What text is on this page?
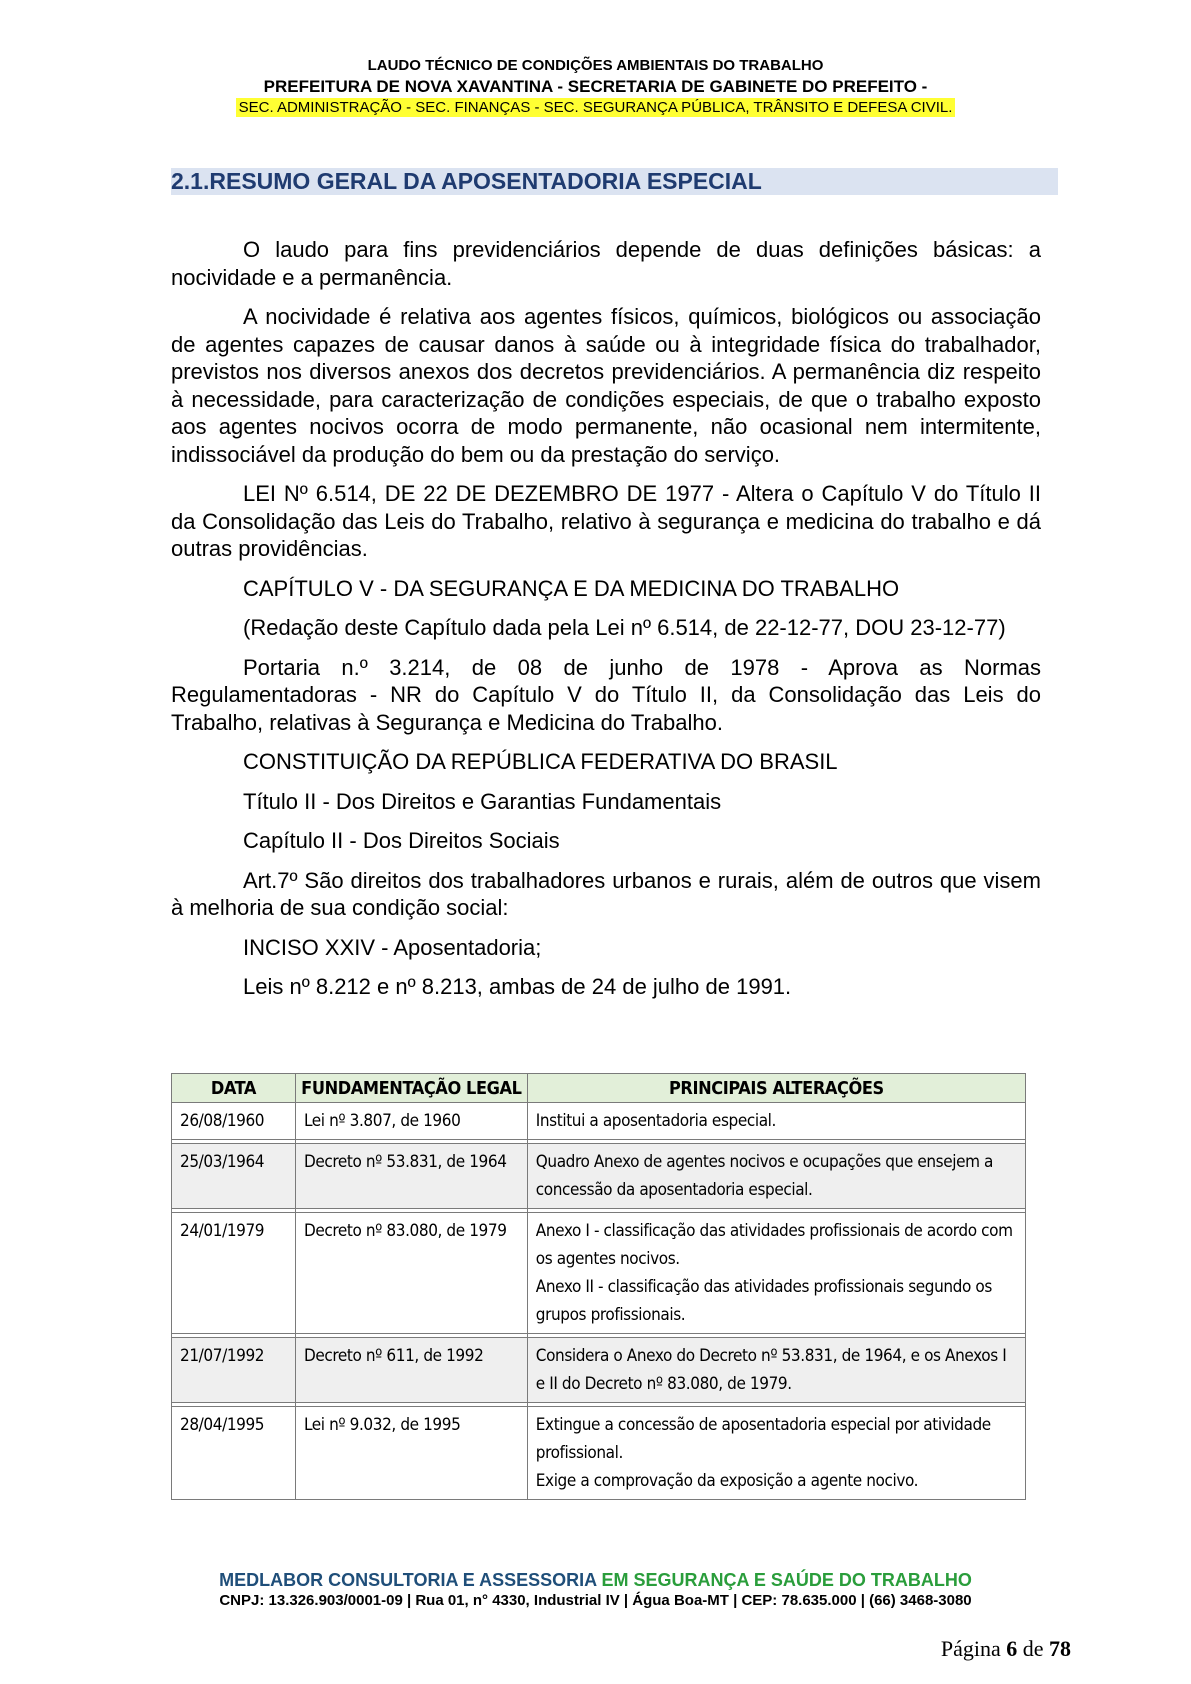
LAUDO TÉCNICO DE CONDIÇÕES AMBIENTAIS DO TRABALHO
PREFEITURA DE NOVA XAVANTINA - SECRETARIA DE GABINETE DO PREFEITO -
SEC. ADMINISTRAÇÃO - SEC. FINANÇAS - SEC. SEGURANÇA PÚBLICA, TRÂNSITO E DEFESA CIVIL.
2.1.RESUMO GERAL DA APOSENTADORIA ESPECIAL

O laudo para fins previdenciários depende de duas definições básicas: a nocividade e a permanência.

A nocividade é relativa aos agentes físicos, químicos, biológicos ou associação de agentes capazes de causar danos à saúde ou à integridade física do trabalhador, previstos nos diversos anexos dos decretos previdenciários. A permanência diz respeito à necessidade, para caracterização de condições especiais, de que o trabalho exposto aos agentes nocivos ocorra de modo permanente, não ocasional nem intermitente, indissociável da produção do bem ou da prestação do serviço.

LEI Nº 6.514, DE 22 DE DEZEMBRO DE 1977 - Altera o Capítulo V do Título II da Consolidação das Leis do Trabalho, relativo à segurança e medicina do trabalho e dá outras providências.

CAPÍTULO V - DA SEGURANÇA E DA MEDICINA DO TRABALHO

(Redação deste Capítulo dada pela Lei nº 6.514, de 22-12-77, DOU 23-12-77)

Portaria n.º 3.214, de 08 de junho de 1978 - Aprova as Normas Regulamentadoras - NR do Capítulo V do Título II, da Consolidação das Leis do Trabalho, relativas à Segurança e Medicina do Trabalho.

CONSTITUIÇÃO DA REPÚBLICA FEDERATIVA DO BRASIL

Título II - Dos Direitos e Garantias Fundamentais

Capítulo II - Dos Direitos Sociais

Art.7º São direitos dos trabalhadores urbanos e rurais, além de outros que visem à melhoria de sua condição social:

INCISO XXIV - Aposentadoria;

Leis nº 8.212 e nº 8.213, ambas de 24 de julho de 1991.

DATA	FUNDAMENTAÇÃO LEGAL	PRINCIPAIS ALTERAÇÕES
26/08/1960	Lei nº 3.807, de 1960	Institui a aposentadoria especial.

25/03/1964	Decreto nº 53.831, de 1964	Quadro Anexo de agentes nocivos e ocupações que ensejem a concessão da aposentadoria especial.

24/01/1979	Decreto nº 83.080, de 1979	Anexo I - classificação das atividades profissionais de acordo com os agentes nocivos.
Anexo II - classificação das atividades profissionais segundo os grupos profissionais.

21/07/1992	Decreto nº 611, de 1992	Considera o Anexo do Decreto nº 53.831, de 1964, e os Anexos I e II do Decreto nº 83.080, de 1979.

28/04/1995	Lei nº 9.032, de 1995	Extingue a concessão de aposentadoria especial por atividade profissional.
Exige a comprovação da exposição a agente nocivo.
MEDLABOR CONSULTORIA E ASSESSORIA EM SEGURANÇA E SAÚDE DO TRABALHO
CNPJ: 13.326.903/0001-09 | Rua 01, n° 4330, Industrial IV | Água Boa-MT | CEP: 78.635.000 | (66) 3468-3080
Página 6 de 78
